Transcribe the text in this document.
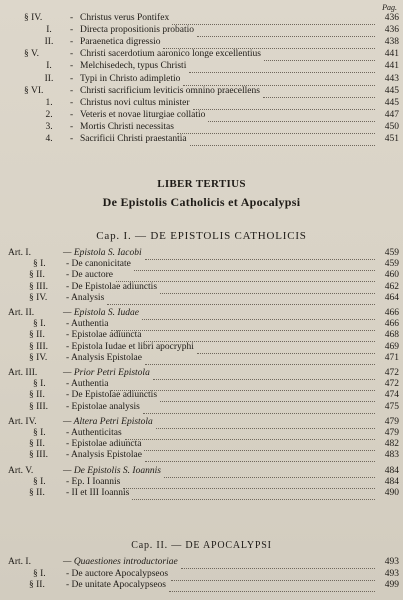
Pag.
§ IV.	- Christus verus Pontifex	436
I.	- Directa propositionis probatio	436
II.	- Paraenetica digressio	438
§ V.	- Christi sacerdotium aaronico longe excellentius	441
I.	- Melchisedech, typus Christi	441
II.	- Typi in Christo adimpletio	443
§ VI.	- Christi sacrificium leviticis omnino praecellens	445
1.	- Christus novi cultus minister	445
2.	- Veteris et novae liturgiae collatio	447
3.	- Mortis Christi necessitas	450
4.	- Sacrificii Christi praestantia	451
LIBER TERTIUS
De Epistolis Catholicis et Apocalypsi
Cap. I. — DE EPISTOLIS CATHOLICIS
Art. I.	— Epistola S. Iacobi	459
§ I. - De canonicitate	459
§ II. - De auctore	460
§ III. - De Epistolae adiunctis	462
§ IV. - Analysis	464
Art. II.	— Epistola S. Iudae	466
§ I. - Authentia	466
§ II. - Epistolae adiuncta	468
§ III. - Epistola Iudae et libri apocryphi	469
§ IV. - Analysis Epistolae	471
Art. III.	— Prior Petri Epistola	472
§ I. - Authentia	472
§ II. - De Epistolae adiunctis	474
§ III. - Epistolae analysis	475
Art. IV.	— Altera Petri Epistola	479
§ I. - Authenticitas	479
§ II. - Epistolae adiuncta	482
§ III. - Analysis Epistolae	483
Art. V.	— De Epistolis S. Ioannis	484
§ I. - Ep. I Ioannis	484
§ II. - II et III Ioannis	490
Cap. II. — DE APOCALYPSI
Art. I.	— Quaestiones introductoriae	493
§ I. - De auctore Apocalypseos	493
§ II. - De unitate Apocalypseos	499
